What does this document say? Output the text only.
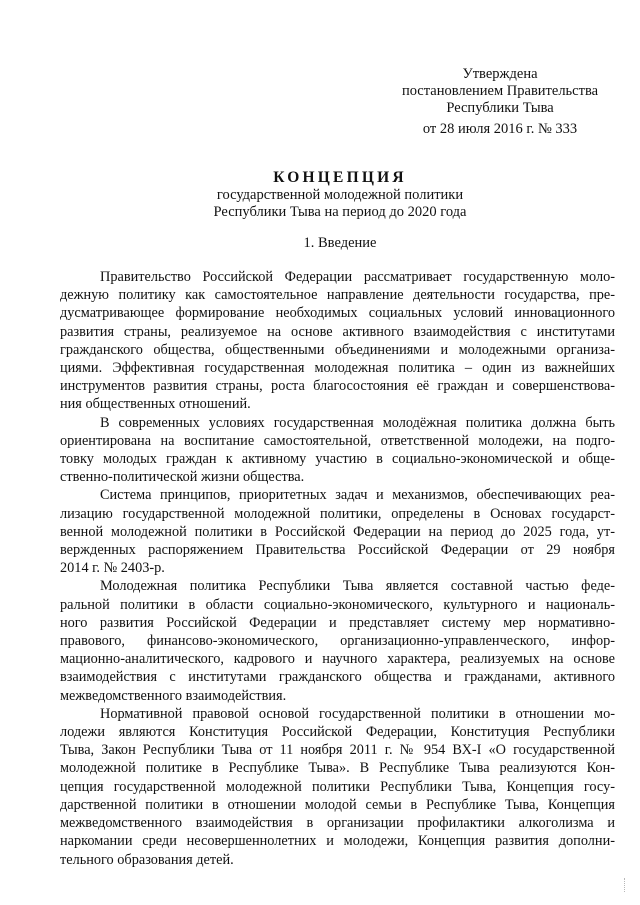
Утверждена
постановлением Правительства
Республики Тыва
от 28 июля 2016 г. № 333
КОНЦЕПЦИЯ
государственной молодежной политики
Республики Тыва на период до 2020 года
1. Введение
Правительство Российской Федерации рассматривает государственную моло-
дежную политику как самостоятельное направление деятельности государства, пре-
дусматривающее формирование необходимых социальных условий инновационного
развития страны, реализуемое на основе активного взаимодействия с институтами
гражданского общества, общественными объединениями и молодежными организа-
циями. Эффективная государственная молодежная политика – один из важнейших
инструментов развития страны, роста благосостояния её граждан и совершенствова-
ния общественных отношений.
В современных условиях государственная молодёжная политика должна быть
ориентирована на воспитание самостоятельной, ответственной молодежи, на подго-
товку молодых граждан к активному участию в социально-экономической и обще-
ственно-политической жизни общества.
Система принципов, приоритетных задач и механизмов, обеспечивающих реа-
лизацию государственной молодежной политики, определены в Основах государст-
венной молодежной политики в Российской Федерации на период до 2025 года, ут-
вержденных распоряжением Правительства Российской Федерации от 29 ноября
2014 г. № 2403-р.
Молодежная политика Республики Тыва является составной частью феде-
ральной политики в области социально-экономического, культурного и националь-
ного развития Российской Федерации и представляет систему мер нормативно-
правового, финансово-экономического, организационно-управленческого, инфор-
мационно-аналитического, кадрового и научного характера, реализуемых на основе
взаимодействия с институтами гражданского общества и гражданами, активного
межведомственного взаимодействия.
Нормативной правовой основой государственной политики в отношении мо-
лодежи являются Конституция Российской Федерации, Конституция Республики
Тыва, Закон Республики Тыва от 11 ноября 2011 г. № 954 ВХ-I «О государственной
молодежной политике в Республике Тыва». В Республике Тыва реализуются Кон-
цепция государственной молодежной политики Республики Тыва, Концепция госу-
дарственной политики в отношении молодой семьи в Республике Тыва, Концепция
межведомственного взаимодействия в организации профилактики алкоголизма и
наркомании среди несовершеннолетних и молодежи, Концепция развития дополни-
тельного образования детей.
